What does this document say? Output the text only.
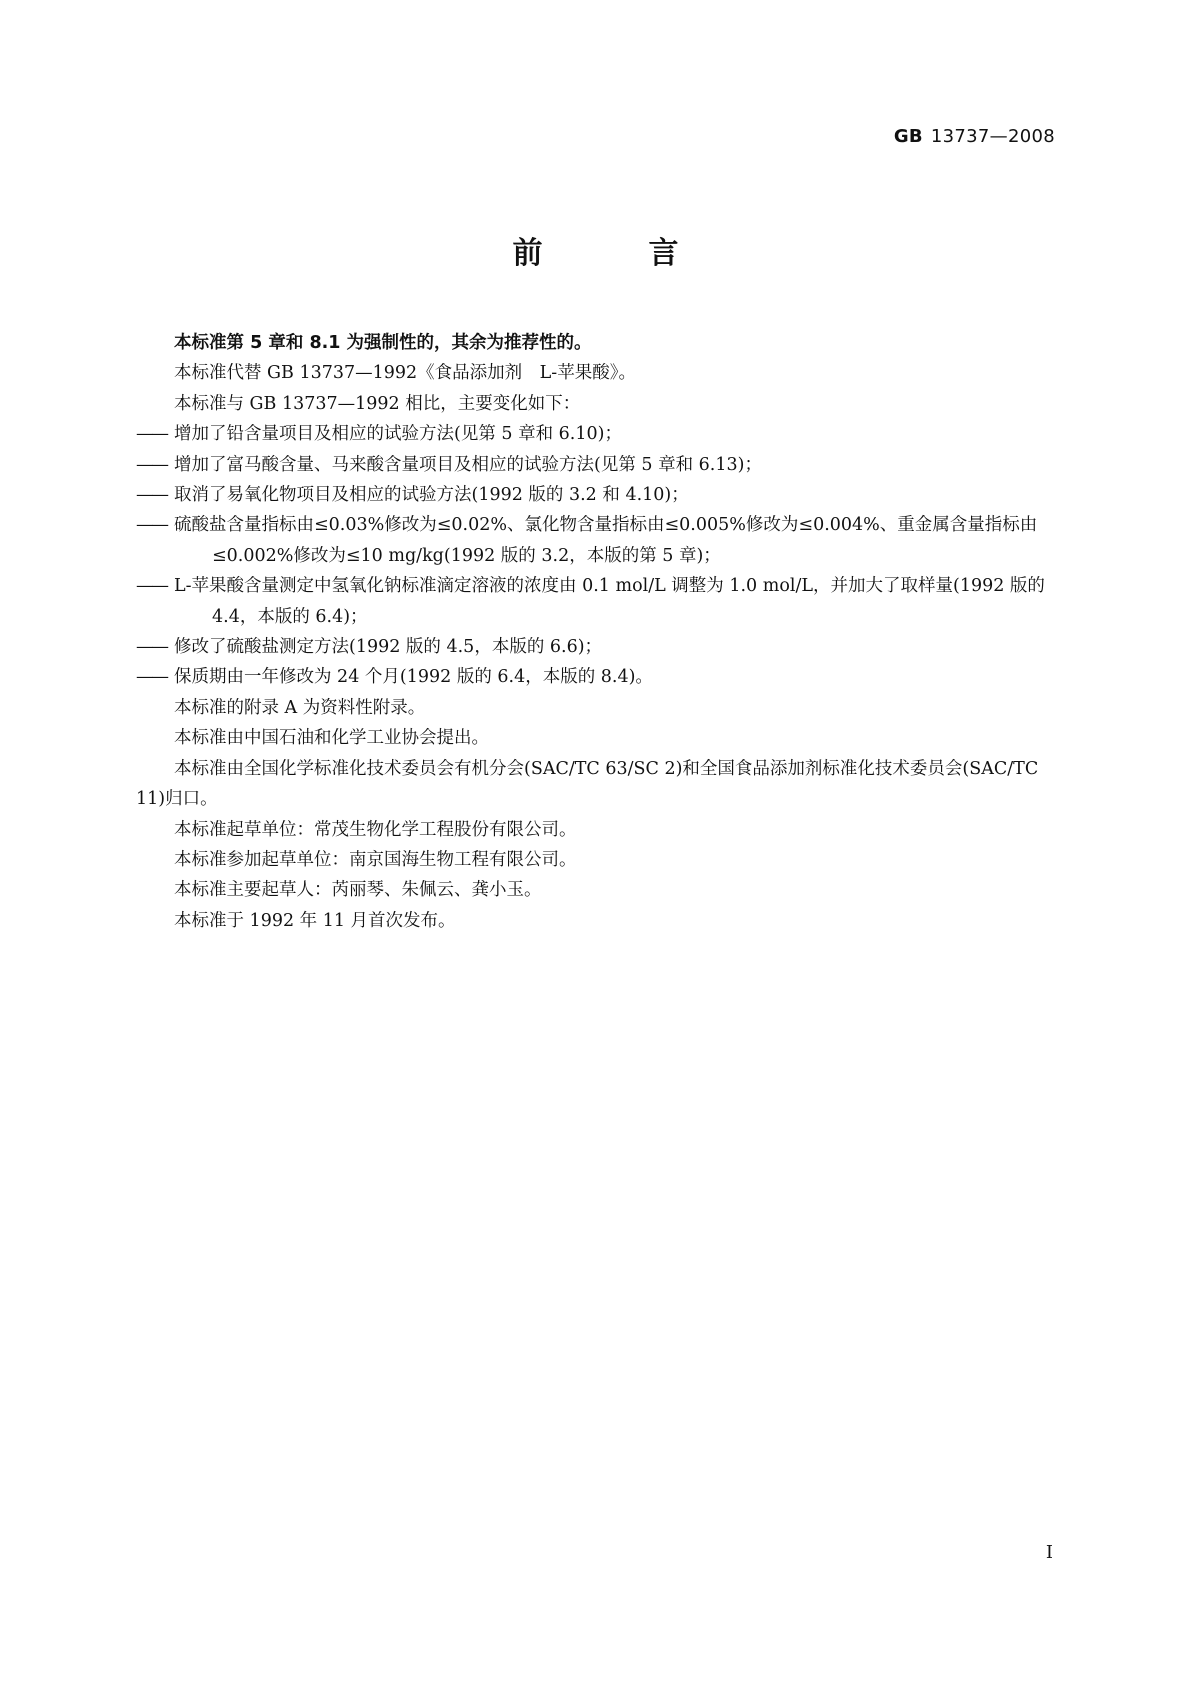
GB 13737—2008
前　言

本标准第 5 章和 8.1 为强制性的，其余为推荐性的。

本标准代替 GB 13737—1992《食品添加剂　L-苹果酸》。

本标准与 GB 13737—1992 相比，主要变化如下：

—— 增加了铅含量项目及相应的试验方法(见第 5 章和 6.10)；

—— 增加了富马酸含量、马来酸含量项目及相应的试验方法(见第 5 章和 6.13)；

—— 取消了易氧化物项目及相应的试验方法(1992 版的 3.2 和 4.10)；

—— 硫酸盐含量指标由≤0.03%修改为≤0.02%、氯化物含量指标由≤0.005%修改为≤0.004%、重金属含量指标由≤0.002%修改为≤10 mg/kg(1992 版的 3.2，本版的第 5 章)；

—— L-苹果酸含量测定中氢氧化钠标准滴定溶液的浓度由 0.1 mol/L 调整为 1.0 mol/L，并加大了取样量(1992 版的 4.4，本版的 6.4)；

—— 修改了硫酸盐测定方法(1992 版的 4.5，本版的 6.6)；

—— 保质期由一年修改为 24 个月(1992 版的 6.4，本版的 8.4)。

本标准的附录 A 为资料性附录。

本标准由中国石油和化学工业协会提出。

本标准由全国化学标准化技术委员会有机分会(SAC/TC 63/SC 2)和全国食品添加剂标准化技术委员会(SAC/TC 11)归口。

本标准起草单位：常茂生物化学工程股份有限公司。

本标准参加起草单位：南京国海生物工程有限公司。

本标准主要起草人：芮丽琴、朱佩云、龚小玉。

本标准于 1992 年 11 月首次发布。

I
